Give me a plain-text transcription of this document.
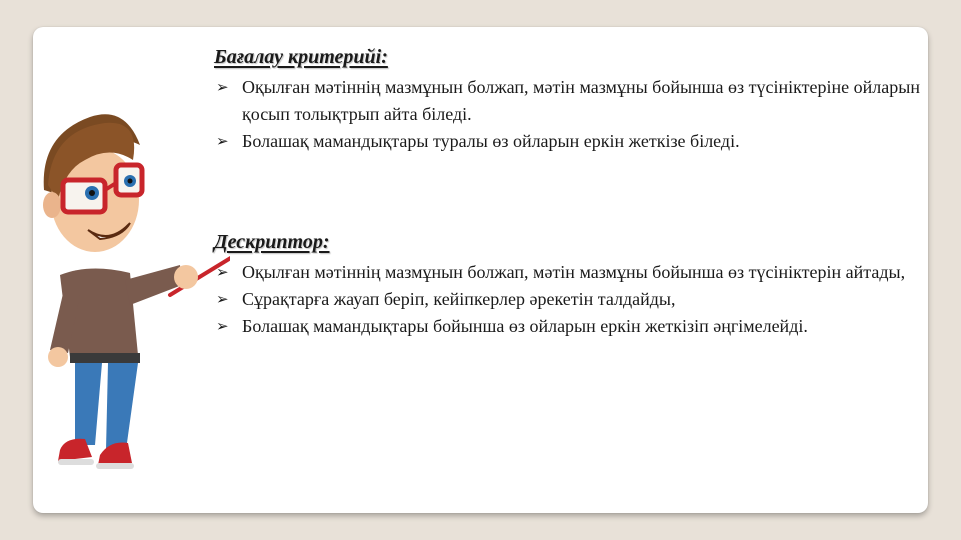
Бағалау критерийі:
➢ Оқылған мәтіннің мазмұнын болжап, мәтін мазмұны бойынша өз түсініктеріне ойларын қосып толықтрып айта біледі.
➢ Болашақ мамандықтары туралы өз ойларын еркін жеткізе біледі.
Дескриптор:
➢ Оқылған мәтіннің мазмұнын болжап, мәтін мазмұны бойынша өз түсініктерін айтады,
➢ Сұрақтарға жауап беріп, кейіпкерлер әрекетін талдайды,
➢ Болашақ мамандықтары бойынша өз ойларын еркін жеткізіп әңгімелейді.
